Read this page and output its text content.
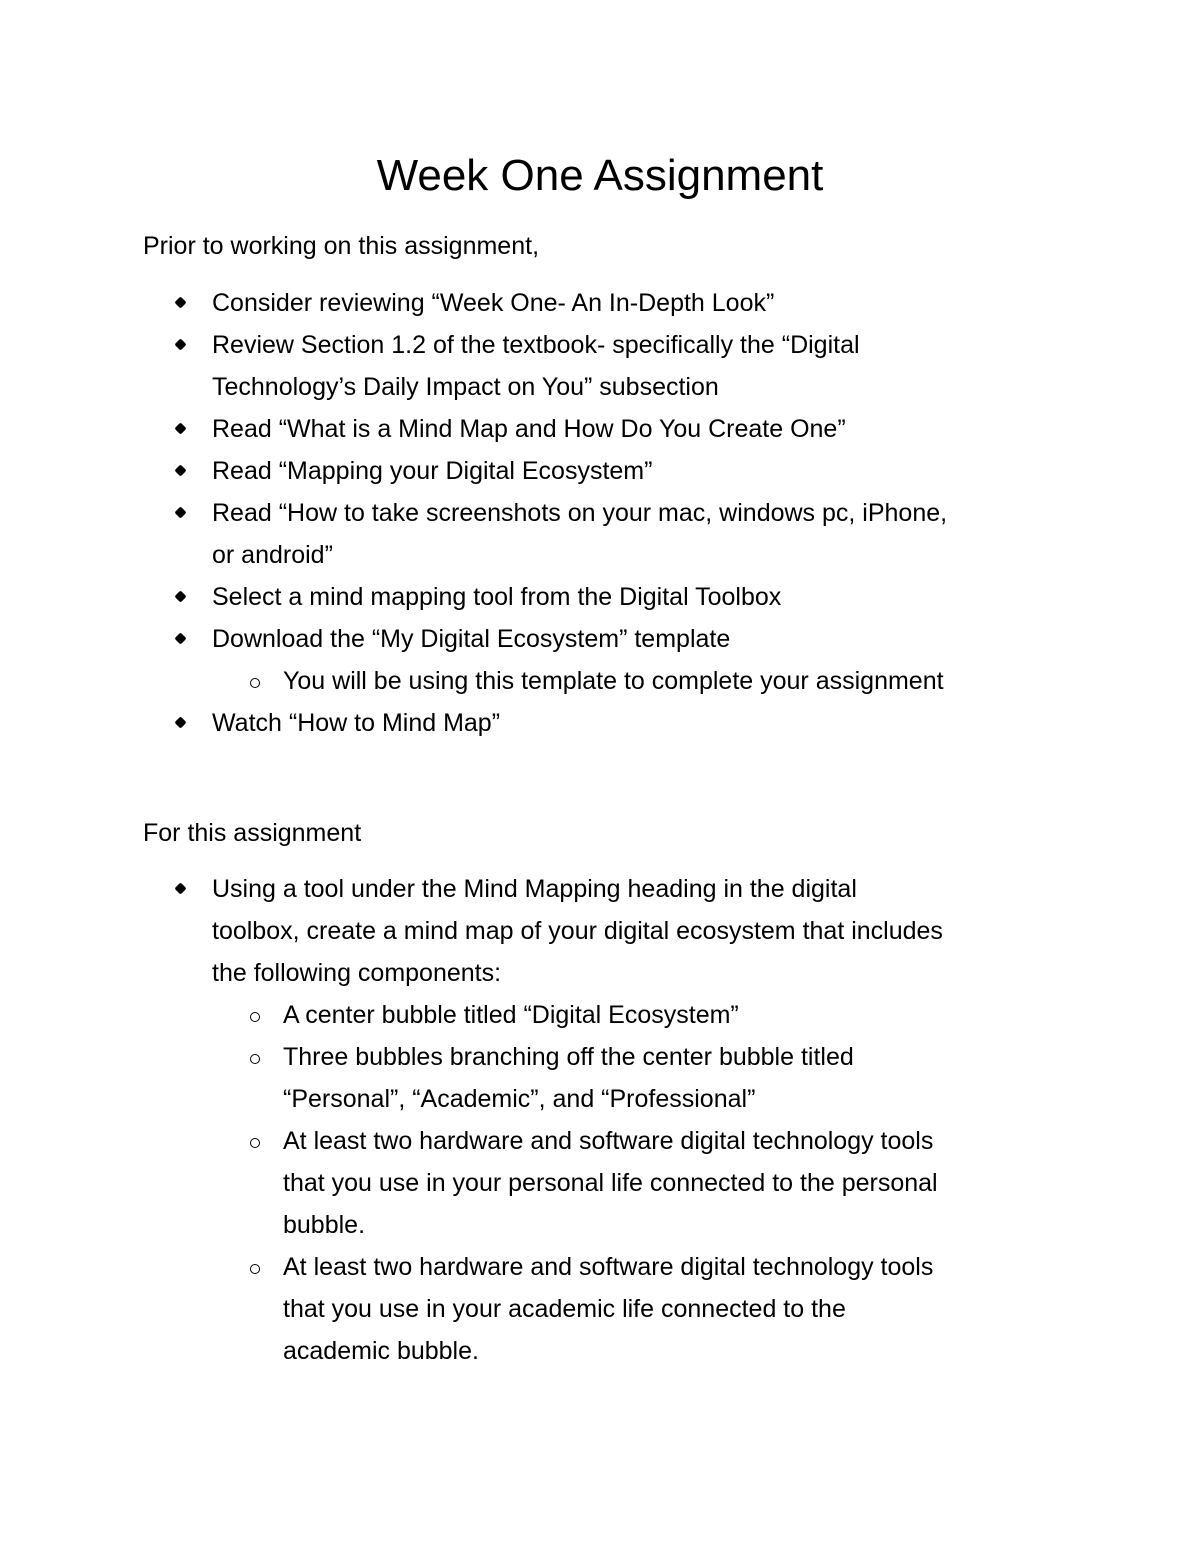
Week One Assignment

Prior to working on this assignment,

Consider reviewing “Week One- An In-Depth Look”
Review Section 1.2 of the textbook- specifically the “Digital
Technology’s Daily Impact on You” subsection
Read “What is a Mind Map and How Do You Create One”
Read “Mapping your Digital Ecosystem”
Read “How to take screenshots on your mac, windows pc, iPhone,
or android”
Select a mind mapping tool from the Digital Toolbox
Download the “My Digital Ecosystem” template
You will be using this template to complete your assignment
Watch “How to Mind Map”

For this assignment

Using a tool under the Mind Mapping heading in the digital
toolbox, create a mind map of your digital ecosystem that includes
the following components:
A center bubble titled “Digital Ecosystem”
Three bubbles branching off the center bubble titled
“Personal”, “Academic”, and “Professional”
At least two hardware and software digital technology tools
that you use in your personal life connected to the personal
bubble.
At least two hardware and software digital technology tools
that you use in your academic life connected to the
academic bubble.
